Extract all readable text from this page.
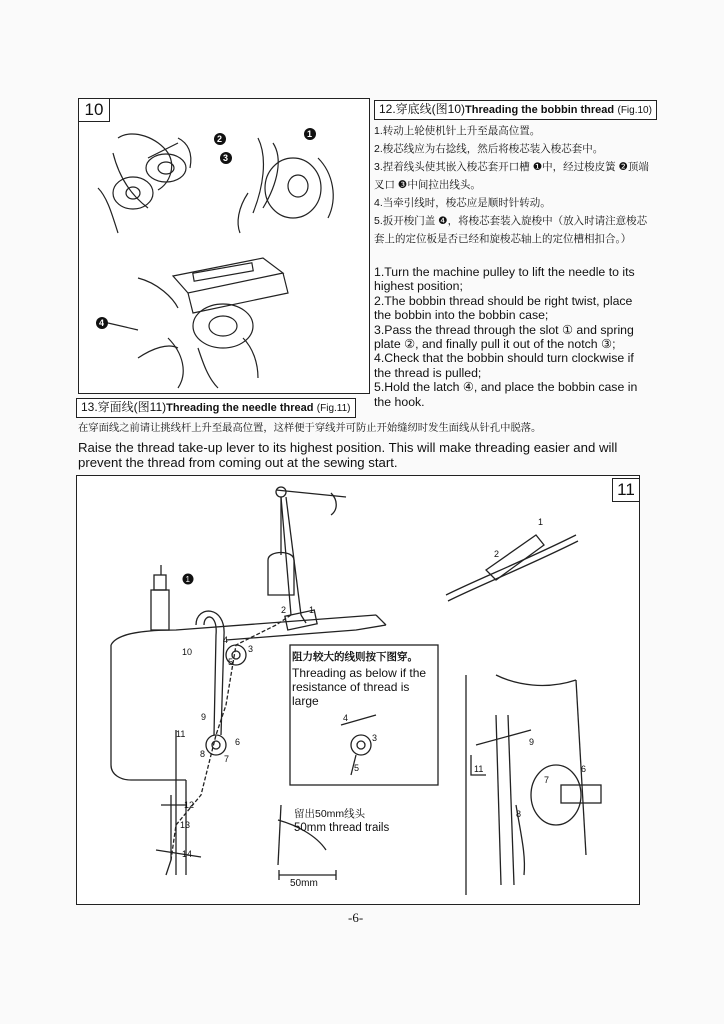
10
2	1
3
4
12.穿底线(图10)Threading the bobbin thread (Fig.10)

1.转动上轮使机针上升至最高位置。

2.梭芯线应为右捻线，然后将梭芯装入梭芯套中。

3.捏着线头使其嵌入梭芯套开口槽 ❶中，经过梭皮簧 ❷顶端叉口 ❸中间拉出线头。

4.当牵引线时，梭芯应是顺时针转动。

5.扳开梭门盖 ❹，将梭芯套装入旋梭中（放入时请注意梭芯套上的定位板是否已经和旋梭芯轴上的定位槽相扣合。）

1.Turn the machine pulley to lift the needle to its highest position;

2.The bobbin thread should be right twist, place the bobbin into the bobbin case;

3.Pass the thread through the slot ① and spring plate ②, and finally pull it out of the notch ③;

4.Check that the bobbin should turn clockwise if the thread is pulled;

5.Hold the latch ④, and place the bobbin case in the hook.

13.穿面线(图11)Threading the needle thread (Fig.11)

在穿面线之前请让挑线杆上升至最高位置，这样便于穿线并可防止开始缝纫时发生面线从针孔中脱落。

Raise the thread take-up lever to its highest position. This will make threading easier and will prevent the thread from coming out at the sewing start.

11
1
2	1
3
4
5
6
7
8
9
10
11
12
13
14
1
2
9
11	6
7
8
4
3
5

阻力较大的线则按下图穿。

Threading as below if the resistance of thread is large

留出50mm线头

50mm thread trails

50mm

-6-
